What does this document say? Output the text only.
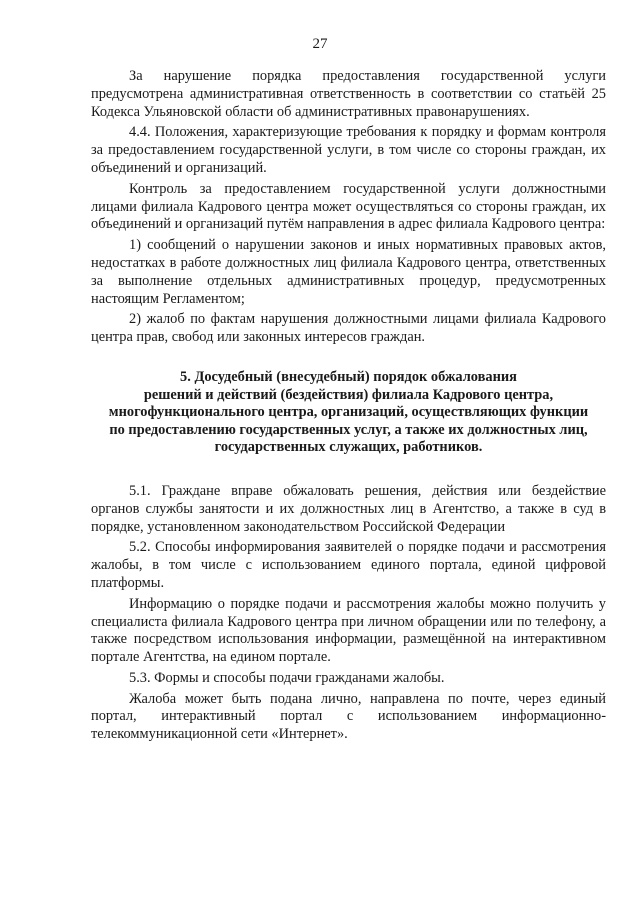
27

За нарушение порядка предоставления государственной услуги предусмотрена административная ответственность в соответствии со статьёй 25 Кодекса Ульяновской области об административных правонарушениях.

4.4. Положения, характеризующие требования к порядку и формам контроля за предоставлением государственной услуги, в том числе со стороны граждан, их объединений и организаций.

Контроль за предоставлением государственной услуги должностными лицами филиала Кадрового центра может осуществляться со стороны граждан, их объединений и организаций путём направления в адрес филиала Кадрового центра:

1) сообщений о нарушении законов и иных нормативных правовых актов, недостатках в работе должностных лиц филиала Кадрового центра, ответственных за выполнение отдельных административных процедур, предусмотренных настоящим Регламентом;

2) жалоб по фактам нарушения должностными лицами филиала Кадрового центра прав, свобод или законных интересов граждан.

5. Досудебный (внесудебный) порядок обжалования
решений и действий (бездействия) филиала Кадрового центра,
многофункционального центра, организаций, осуществляющих функции
по предоставлению государственных услуг, а также их должностных лиц,
государственных служащих, работников.

5.1. Граждане вправе обжаловать решения, действия или бездействие органов службы занятости и их должностных лиц в Агентство, а также в суд в порядке, установленном законодательством Российской Федерации

5.2. Способы информирования заявителей о порядке подачи и рассмотрения жалобы, в том числе с использованием единого портала, единой цифровой платформы.

Информацию о порядке подачи и рассмотрения жалобы можно получить у специалиста филиала Кадрового центра при личном обращении или по телефону, а также посредством использования информации, размещённой на интерактивном портале Агентства, на едином портале.

5.3. Формы и способы подачи гражданами жалобы.

Жалоба может быть подана лично, направлена по почте, через единый портал, интерактивный портал с использованием информационно-телекоммуникационной сети «Интернет».
